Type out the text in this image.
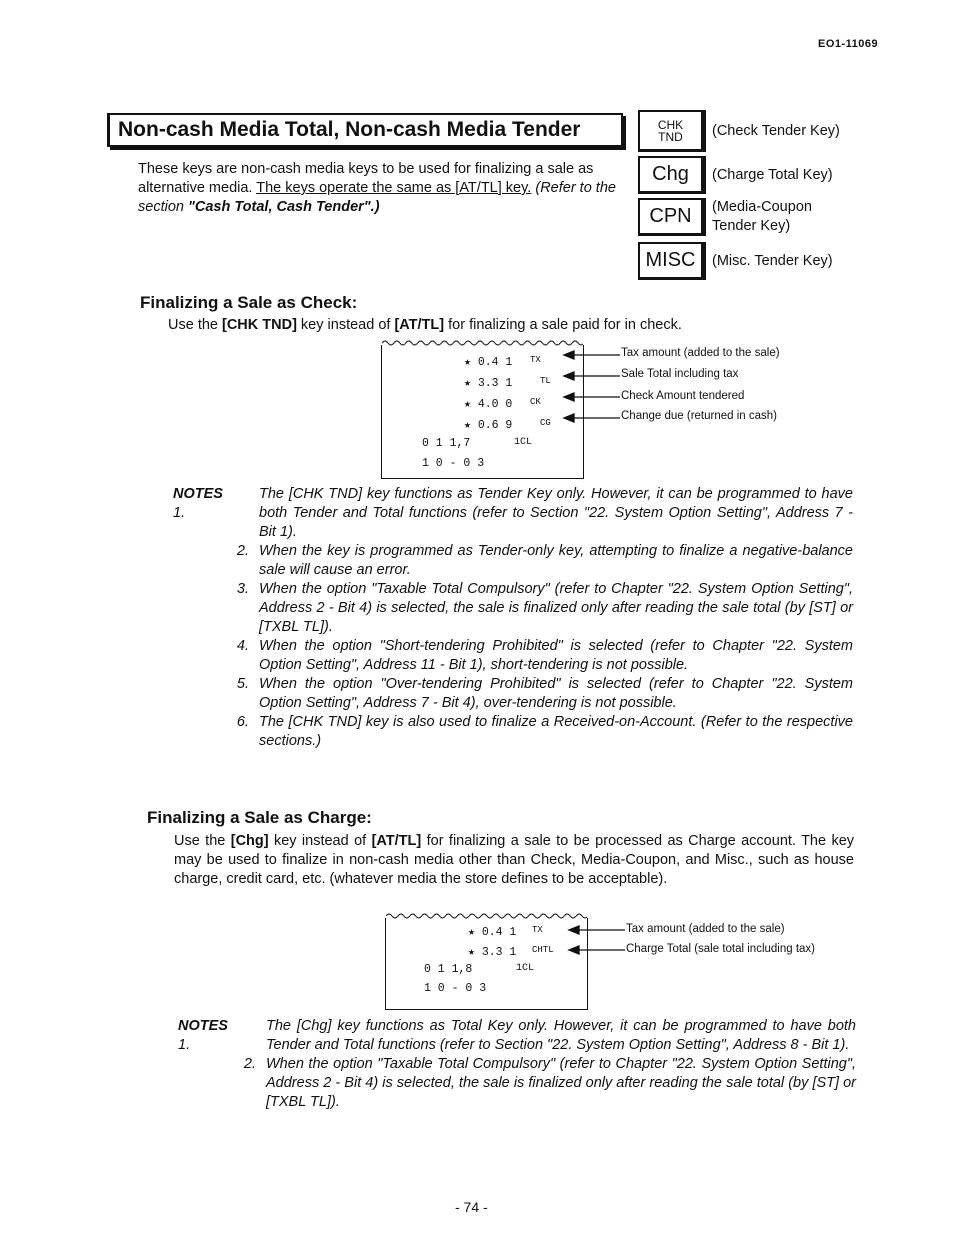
EO1-11069
Non-cash Media Total, Non-cash Media Tender
These keys are non-cash media keys to be used for finalizing a sale as alternative media. The keys operate the same as [AT/TL] key. (Refer to the section "Cash Total, Cash Tender".)
CHK
TND (Check Tender Key)
Chg (Charge Total Key)
CPN (Media-Coupon
Tender Key)
MISC (Misc. Tender Key)
Finalizing a Sale as Check:
Use the [CHK TND] key instead of [AT/TL] for finalizing a sale paid for in check.
★ 0.4 1 TX
★ 3.3 1	TL
★ 4.0 0 CK
★ 0.6 9	CG
0 1 1,7	1CL
1 0 - 0 3
Tax amount (added to the sale)
Sale Total including tax
Check Amount tendered
Change due (returned in cash)
NOTES 1.
The [CHK TND] key functions as Tender Key only. However, it can be programmed to have both Tender and Total functions (refer to Section "22. System Option Setting", Address 7 - Bit 1).
2. When the key is programmed as Tender-only key, attempting to finalize a negative-balance sale will cause an error.
3. When the option "Taxable Total Compulsory" (refer to Chapter "22. System Option Setting", Address 2 - Bit 4) is selected, the sale is finalized only after reading the sale total (by [ST] or [TXBL TL]).
4. When the option "Short-tendering Prohibited" is selected (refer to Chapter "22. System Option Setting", Address 11 - Bit 1), short-tendering is not possible.
5. When the option "Over-tendering Prohibited" is selected (refer to Chapter "22. System Option Setting", Address 7 - Bit 4), over-tendering is not possible.
6. The [CHK TND] key is also used to finalize a Received-on-Account. (Refer to the respective sections.)
Finalizing a Sale as Charge:
Use the [Chg] key instead of [AT/TL] for finalizing a sale to be processed as Charge account. The key may be used to finalize in non-cash media other than Check, Media-Coupon, and Misc., such as house charge, credit card, etc. (whatever media the store defines to be acceptable).
★ 0.4 1 TX
★ 3.3 1 CHTL
0 1 1,8	1CL
1 0 - 0 3
Tax amount (added to the sale)
Charge Total (sale total including tax)
NOTES 1.
The [Chg] key functions as Total Key only. However, it can be programmed to have both Tender and Total functions (refer to Section "22. System Option Setting", Address 8 - Bit 1).
2. When the option "Taxable Total Compulsory" (refer to Chapter "22. System Option Setting", Address 2 - Bit 4) is selected, the sale is finalized only after reading the sale total (by [ST] or [TXBL TL]).
- 74 -
